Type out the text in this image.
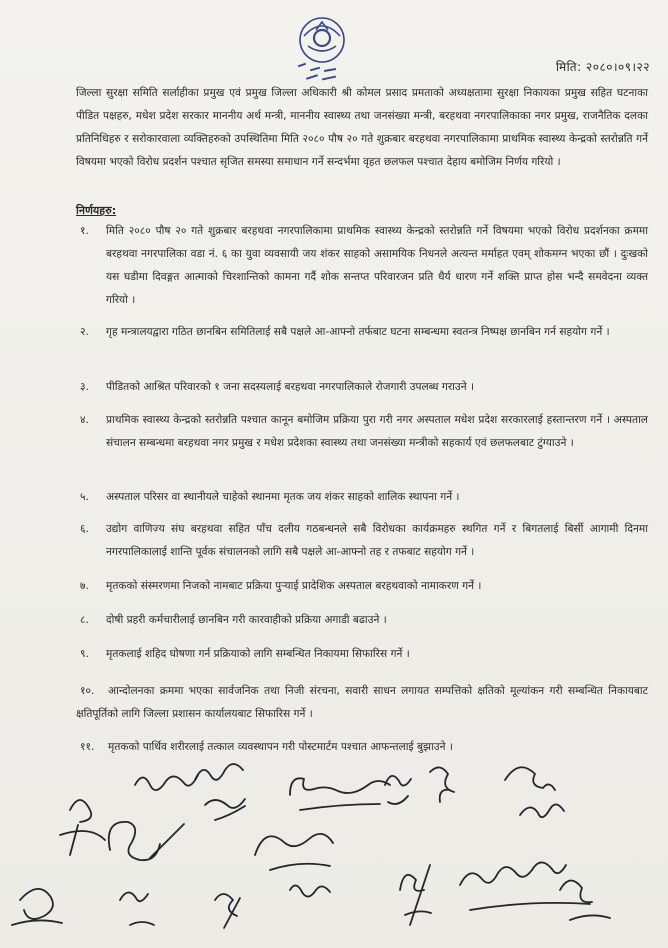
मिति: २०८०।०९।२२
जिल्ला सुरक्षा समिति सर्लाहीका प्रमुख एवं प्रमुख जिल्ला अधिकारी श्री कोमल प्रसाद प्रमताको अध्यक्षतामा सुरक्षा निकायका प्रमुख सहित घटनाका पीडित पक्षहरु, मधेश प्रदेश सरकार माननीय अर्थ मन्त्री, माननीय स्वास्थ्य तथा जनसंख्या मन्त्री, बरहथवा नगरपालिकाका नगर प्रमुख, राजनैतिक दलका प्रतिनिधिहरु र सरोकारवाला व्यक्तिहरुको उपस्थितिमा मिति २०८० पौष २० गते शुक्रबार बरहथवा नगरपालिकामा प्राथमिक स्वास्थ्य केन्द्रको स्तरोन्नति गर्ने विषयमा भएको विरोध प्रदर्शन पश्चात सृजित समस्या समाधान गर्ने सन्दर्भमा वृहत छलफल पश्चात देहाय बमोजिम निर्णय गरियो ।
निर्णयहरु:
१. मिति २०८० पौष २० गते शुक्रबार बरहथवा नगरपालिकामा प्राथमिक स्वास्थ्य केन्द्रको स्तरोन्नति गर्ने विषयमा भएको विरोध प्रदर्शनका क्रममा बरहथवा नगरपालिका वडा नं. ६ का युवा व्यवसायी जय शंकर साहको असामयिक निधनले अत्यन्त मर्माहत एवम् शोकमग्न भएका छौं । दुःखको यस घडीमा दिवङ्गत आत्माको चिरशान्तिको कामना गर्दै शोक सन्तप्त परिवारजन प्रति धैर्य धारण गर्ने शक्ति प्राप्त होस भन्दै समवेदना व्यक्त गरियो ।
२. गृह मन्त्रालयद्वारा गठित छानबिन समितिलाई सबै पक्षले आ-आफ्नो तर्फबाट घटना सम्बन्धमा स्वतन्त्र निष्पक्ष छानबिन गर्न सहयोग गर्ने ।
३. पीडितको आश्रित परिवारको १ जना सदस्यलाई बरहथवा नगरपालिकाले रोजगारी उपलब्ध गराउने ।
४. प्राथमिक स्वास्थ्य केन्द्रको स्तरोन्नति पश्चात कानून बमोजिम प्रक्रिया पुरा गरी नगर अस्पताल मधेश प्रदेश सरकारलाई हस्तान्तरण गर्ने । अस्पताल संचालन सम्बन्धमा बरहथवा नगर प्रमुख र मधेश प्रदेशका स्वास्थ्य तथा जनसंख्या मन्त्रीको सहकार्य एवं छलफलबाट टुंग्याउने ।
५. अस्पताल परिसर वा स्थानीयले चाहेको स्थानमा मृतक जय शंकर साहको शालिक स्थापना गर्ने ।
६. उद्योग वाणिज्य संघ बरहथवा सहित पाँच दलीय गठबन्धनले सबै विरोधका कार्यक्रमहरु स्थगित गर्ने र बिगतलाई बिर्सी आगामी दिनमा नगरपालिकालाई शान्ति पूर्वक संचालनको लागि सबै पक्षले आ-आफ्नो तह र तफबाट सहयोग गर्ने ।
७. मृतकको संस्मरणमा निजको नामबाट प्रक्रिया पुऱ्याई प्रादेशिक अस्पताल बरहथवाको नामाकरण गर्ने ।
८. दोषी प्रहरी कर्मचारीलाई छानबिन गरी कारवाहीको प्रक्रिया अगाडी बढाउने ।
९. मृतकलाई शहिद घोषणा गर्न प्रक्रियाको लागि सम्बन्धित निकायमा सिफारिस गर्ने ।
१०.	आन्दोलनका क्रममा भएका सार्वजनिक तथा निजी संरचना, सवारी साधन लगायत सम्पत्तिको क्षतिको मूल्यांकन गरी सम्बन्धित निकायबाट क्षतिपूर्तिको लागि जिल्ला प्रशासन कार्यालयबाट सिफारिस गर्ने ।
११.	मृतकको पार्थिव शरीरलाई तत्काल व्यवस्थापन गरी पोस्टमार्टम पश्चात आफन्तलाई बुझाउने ।
